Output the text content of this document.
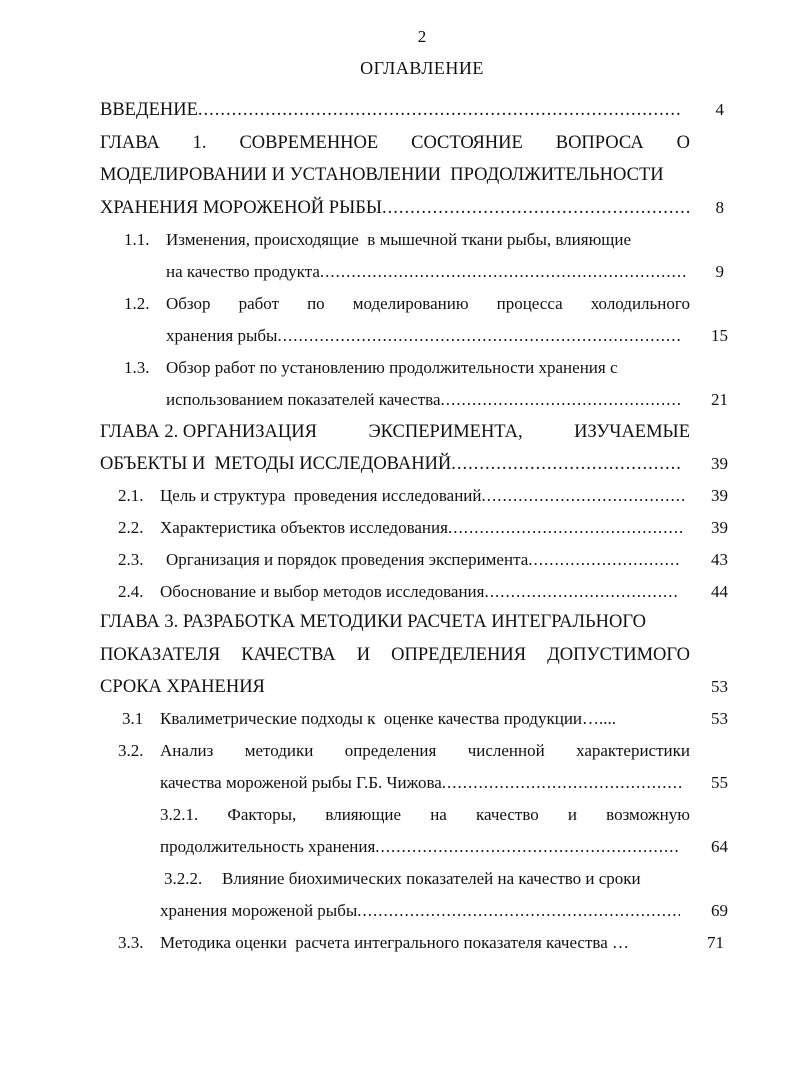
2
ОГЛАВЛЕНИЕ
ВВЕДЕНИЕ .....	4
ГЛАВА 1. СОВРЕМЕННОЕ СОСТОЯНИЕ ВОПРОСА О
МОДЕЛИРОВАНИИ И УСТАНОВЛЕНИИ  ПРОДОЛЖИТЕЛЬНОСТИ
ХРАНЕНИЯ МОРОЖЕНОЙ РЫБЫ .....	8
1.1. Изменения, происходящие  в мышечной ткани рыбы, влияющие
на качество продукта .....	9
1.2. Обзор работ по моделированию процесса холодильного
хранения рыбы .....	15
1.3. Обзор работ по установлению продолжительности хранения с
использованием показателей качества .....	21
ГЛАВА 2. ОРГАНИЗАЦИЯ	ЭКСПЕРИМЕНТА,	ИЗУЧАЕМЫЕ
ОБЪЕКТЫ И  МЕТОДЫ ИССЛЕДОВАНИЙ .....	39
2.1. Цель и структура  проведения исследований .....	39
2.2. Характеристика объектов исследования .....	39
2.3. Организация и порядок проведения эксперимента .....	43
2.4. Обоснование и выбор методов исследования .....	44
ГЛАВА 3. РАЗРАБОТКА МЕТОДИКИ РАСЧЕТА ИНТЕГРАЛЬНОГО
ПОКАЗАТЕЛЯ КАЧЕСТВА И ОПРЕДЕЛЕНИЯ ДОПУСТИМОГО
СРОКА ХРАНЕНИЯ	53
3.1 Квалиметрические подходы к  оценке качества продукции…....	53
3.2. Анализ методики определения численной характеристики
качества мороженой рыбы Г.Б. Чижова .....	55
3.2.1. Факторы, влияющие на качество и возможную
продолжительность хранения .....	64
3.2.2. Влияние биохимических показателей на качество и сроки
хранения мороженой рыбы .....	69
3.3. Методика оценки  расчета интегрального показателя качества …	71
